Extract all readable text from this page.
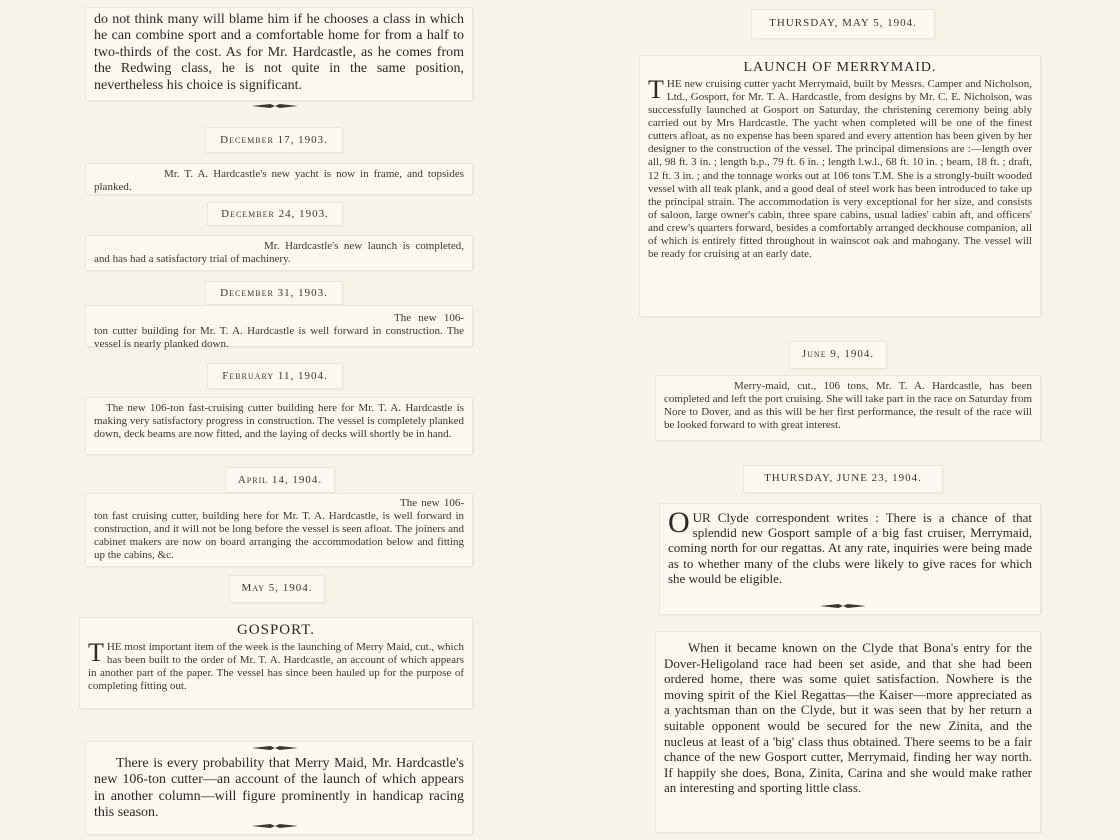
do not think many will blame him if he chooses a class in which he can combine sport and a comfortable home for from a half to two-thirds of the cost. As for Mr. Hardcastle, as he comes from the Redwing class, he is not quite in the same position, nevertheless his choice is significant.
December 17, 1903.
Mr. T. A. Hardcastle's new yacht is now in frame, and topsides planked.
December 24, 1903.
Mr. Hardcastle's new launch is completed, and has had a satisfactory trial of machinery.
December 31, 1903.
The new 106-ton cutter building for Mr. T. A. Hardcastle is well forward in construction. The vessel is nearly planked down.
February 11, 1904.
The new 106-ton fast-cruising cutter building here for Mr. T. A. Hardcastle is making very satisfactory progress in construction. The vessel is completely planked down, deck beams are now fitted, and the laying of decks will shortly be in hand.
April 14, 1904.
The new 106-ton fast cruising cutter, building here for Mr. T. A. Hardcastle, is well forward in construction, and it will not be long before the vessel is seen afloat. The joiners and cabinet makers are now on board arranging the accommodation below and fitting up the cabins, &c.
May 5, 1904.
GOSPORT.
THE most important item of the week is the launching of Merry Maid, cut., which has been built to the order of Mr. T. A. Hardcastle, an account of which appears in another part of the paper. The vessel has since been hauled up for the purpose of completing fitting out.
There is every probability that Merry Maid, Mr. Hardcastle's new 106-ton cutter—an account of the launch of which appears in another column—will figure prominently in handicap racing this season.
THURSDAY, MAY 5, 1904.
LAUNCH OF MERRYMAID.
THE new cruising cutter yacht Merrymaid, built by Messrs. Camper and Nicholson, Ltd., Gosport, for Mr. T. A. Hardcastle, from designs by Mr. C. E. Nicholson, was successfully launched at Gosport on Saturday, the christening ceremony being ably carried out by Mrs Hardcastle. The yacht when completed will be one of the finest cutters afloat, as no expense has been spared and every attention has been given by her designer to the construction of the vessel. The principal dimensions are :—length over all, 98 ft. 3 in. ; length b.p., 79 ft. 6 in. ; length l.w.l., 68 ft. 10 in. ; beam, 18 ft. ; draft, 12 ft. 3 in. ; and the tonnage works out at 106 tons T.M. She is a strongly-built wooded vessel with all teak plank, and a good deal of steel work has been introduced to take up the principal strain. The accommodation is very exceptional for her size, and consists of saloon, large owner's cabin, three spare cabins, usual ladies' cabin aft, and officers' and crew's quarters forward, besides a comfortably arranged deckhouse companion, all of which is entirely fitted throughout in wainscot oak and mahogany. The vessel will be ready for cruising at an early date.
June 9, 1904.
Merry-maid, cut., 106 tons, Mr. T. A. Hardcastle, has been completed and left the port cruising. She will take part in the race on Saturday from Nore to Dover, and as this will be her first performance, the result of the race will be looked forward to with great interest.
THURSDAY, JUNE 23, 1904.
OUR Clyde correspondent writes : There is a chance of that splendid new Gosport sample of a big fast cruiser, Merrymaid, coming north for our regattas. At any rate, inquiries were being made as to whether many of the clubs were likely to give races for which she would be eligible.
When it became known on the Clyde that Bona's entry for the Dover-Heligoland race had been set aside, and that she had been ordered home, there was some quiet satisfaction. Nowhere is the moving spirit of the Kiel Regattas—the Kaiser—more appreciated as a yachtsman than on the Clyde, but it was seen that by her return a suitable opponent would be secured for the new Zinita, and the nucleus at least of a 'big' class thus obtained. There seems to be a fair chance of the new Gosport cutter, Merrymaid, finding her way north. If happily she does, Bona, Zinita, Carina and she would make rather an interesting and sporting little class.
